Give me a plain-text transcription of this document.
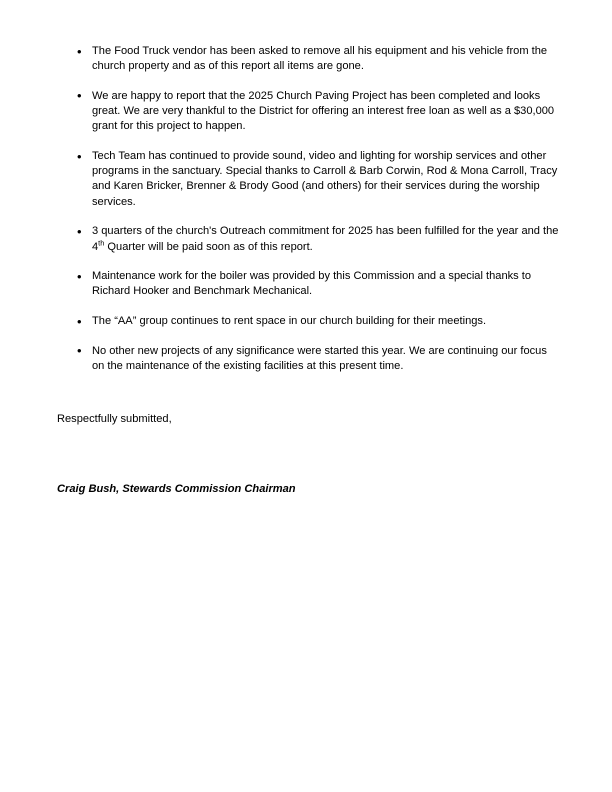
• The Food Truck vendor has been asked to remove all his equipment and his vehicle from the church property and as of this report all items are gone.
• We are happy to report that the 2025 Church Paving Project has been completed and looks great. We are very thankful to the District for offering an interest free loan as well as a $30,000 grant for this project to happen.
• Tech Team has continued to provide sound, video and lighting for worship services and other programs in the sanctuary. Special thanks to Carroll & Barb Corwin, Rod & Mona Carroll, Tracy and Karen Bricker, Brenner & Brody Good (and others) for their services during the worship services.
• 3 quarters of the church's Outreach commitment for 2025 has been fulfilled for the year and the 4th Quarter will be paid soon as of this report.
• Maintenance work for the boiler was provided by this Commission and a special thanks to Richard Hooker and Benchmark Mechanical.
• The “AA” group continues to rent space in our church building for their meetings.
• No other new projects of any significance were started this year. We are continuing our focus on the maintenance of the existing facilities at this present time.
Respectfully submitted,
Craig Bush, Stewards Commission Chairman
